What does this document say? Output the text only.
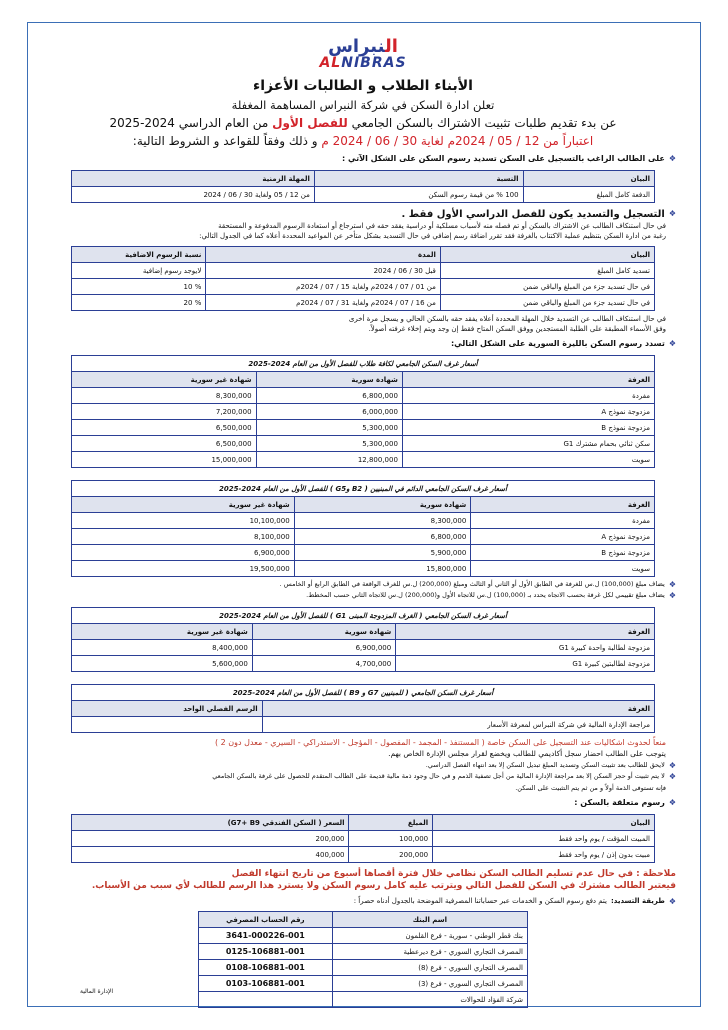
النبراس
ALNIBRAS
الأبناء الطلاب و الطالبات الأعزاء
تعلن ادارة السكن في شركة النبراس المساهمة المغفلة
عن بدء تقديم طلبات تثبيت الاشتراك بالسكن الجامعي للفصل الأول من العام الدراسي 2024-2025
اعتباراً من 12 / 05 / 2024م لغاية 30 / 06 / 2024 م و ذلك وفقاً للقواعد و الشروط التالية:
❖
على الطالب الراغب بالتسجيل على السكن تسديد رسوم السكن على الشكل الآتي :
البيان	النسبة	المهلة الزمنية
الدفعة كامل المبلغ	100 % من قيمة رسوم السكن	من 12 / 05 ولغاية 30 / 06 / 2024
❖
التسجيل والتسديد يكون للفصل الدراسي الأول فقط .
في حال استنكاف الطالب عن الاشتراك بالسكن أو تم فصله منه لأسباب مسلكية أو دراسية يفقد حقه في استرجاع أو استعادة الرسوم المدفوعة و المستحقة
رغبة من ادارة السكن بتنظيم عملية الاكتتاب بالغرفة فقد تقرر اضافة رسم إضافي في حال التسديد بشكل متأخر عن المواعيد المحددة أعلاه كما في الجدول التالي:
البيان	المدة	نسبة الرسوم الاضافية
تسديد كامل المبلغ	قبل 30 / 06 / 2024	لايوجد رسوم إضافية
في حال تسديد جزء من المبلغ والباقي ضمن	من 01 / 07 / 2024م ولغاية 15 / 07 / 2024م	% 10
في حال تسديد جزء من المبلغ والباقي ضمن	من 16 / 07 / 2024م ولغاية 31 / 07 / 2024م	% 20
في حال استنكاف الطالب عن التسديد خلال المهلة المحددة أعلاه يفقد حقه بالسكن الحالي و يسجل مرة أخرى
وفق الأسماء المطبقة على الطلبة المستجدين ووفق السكن المتاح فقط إن وجد ويتم إخلاء غرفته أصولاً.
❖
تسدد رسوم السكن بالليرة السورية على الشكل التالي:
أسعار غرف السكن الجامعي لكافة طلاب للفصل الأول من العام 2024-2025		
الغرفة	شهادة سورية	شهادة غير سورية
مفردة	6,800,000	8,300,000
مزدوجة نموذج A	6,000,000	7,200,000
مزدوجة نموذج B	5,300,000	6,500,000
سكن ثنائي بحمام مشترك G1	5,300,000	6,500,000
سويت	12,800,000	15,000,000
أسعار غرف السكن الجامعي الدائم في المبنيين ( B2 وG5 ) للفصل الأول من العام 2024-2025		
الغرفة	شهادة سورية	شهادة غير سورية
مفردة	8,300,000	10,100,000
مزدوجة نموذج A	6,800,000	8,100,000
مزدوجة نموذج B	5,900,000	6,900,000
سويت	15,800,000	19,500,000
❖
يضاف مبلغ (100,000) ل.س للغرفة في الطابق الأول أو الثاني أو الثالث ومبلغ (200,000) ل.س للغرف الواقعة في الطابق الرابع أو الخامس .
❖
يضاف مبلغ تقييمي لكل غرفة بحسب الاتجاه يحدد بـ (100,000) ل.س للاتجاه الأول و(200,000) ل.س للاتجاه الثاني حسب المخطط.
أسعار غرف السكن الجامعي ( الغرف المزدوجة المبنى G1 ) للفصل الأول من العام 2024-2025		
الغرفة	شهادة سورية	شهادة غير سورية
مزدوجة لطالبة واحدة كبيرة G1	6,900,000	8,400,000
مزدوجة لطالبتين كبيرة G1	4,700,000	5,600,000
أسعار غرف السكن الجامعي ( للمبنيين G7 و B9 ) للفصل الأول من العام 2024-2025	
الغرفة	الرسم الفصلي الواحد
مراجعة الإدارة المالية في شركة النبراس لمعرفة الأسعار	
منعاً لحدوث اشكاليات عند التسجيل على السكن خاصة ( المستنفذ - المجمد - المفصول - المؤجل - الاستدراكي - السيري - معدل دون 2 )
يتوجب على الطالب احضار سجل أكاديمي للطالب ويخضع لقرار مجلس الإدارة الخاص بهم.
❖
لايحق للطالب بعد تثبيت السكن وتسديد المبلغ تبديل السكن إلا بعد انتهاء الفصل الدراسي.
❖
لا يتم تثبيت أو حجز السكن إلا بعد مراجعة الإدارة المالية من أجل تصفية الذمم و في حال وجود ذمة مالية قديمة على الطالب المتقدم للحصول على غرفة بالسكن الجامعي
فإنه تستوفى الذمة أولاً و من ثم يتم التثبيت على السكن.
❖
رسوم متعلقة بالسكن :
البيان	المبلغ	السعر ( السكن الفندقي G7+ B9)
المبيت المؤقت / يوم واحد فقط	100,000	200,000
مبيت بدون إذن / يوم واحد فقط	200,000	400,000
ملاحظة : في حال عدم تسليم الطالب السكن نظامي خلال فترة أقصاها أسبوع من تاريخ انتهاء الفصل
فيعتبر الطالب مشترك في السكن للفصل التالي ويترتب عليه كامل رسوم السكن ولا يسترد هذا الرسم للطالب لأي سبب من الأسباب.
❖
طريقة التسديد:
يتم دفع رسوم السكن و الخدمات عبر حساباتنا المصرفية الموضحة بالجدول أدناه حصراً :
اسم البنك	رقم الحساب المصرفي
بنك قطر الوطني - سورية - فرع القلمون	3641-000226-001
المصرف التجاري السوري - فرع ديرعطية	0125-106881-001
المصرف التجاري السوري - فرع (8)	0108-106881-001
المصرف التجاري السوري - فرع (3)	0103-106881-001
شركة الفؤاد للحوالات	
الإدارة المالية
